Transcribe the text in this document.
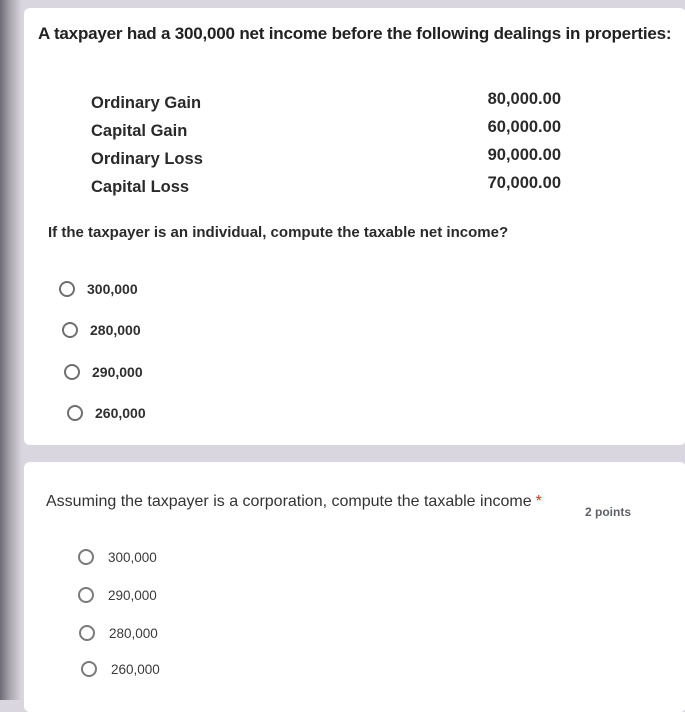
A taxpayer had a 300,000 net income before the following dealings in properties:
Ordinary Gain	80,000.00
Capital Gain	60,000.00
Ordinary Loss	90,000.00
Capital Loss	70,000.00
If the taxpayer is an individual, compute the taxable net income?
300,000
280,000
290,000
260,000
Assuming the taxpayer is a corporation, compute the taxable income *
2 points
300,000
290,000
280,000
260,000
